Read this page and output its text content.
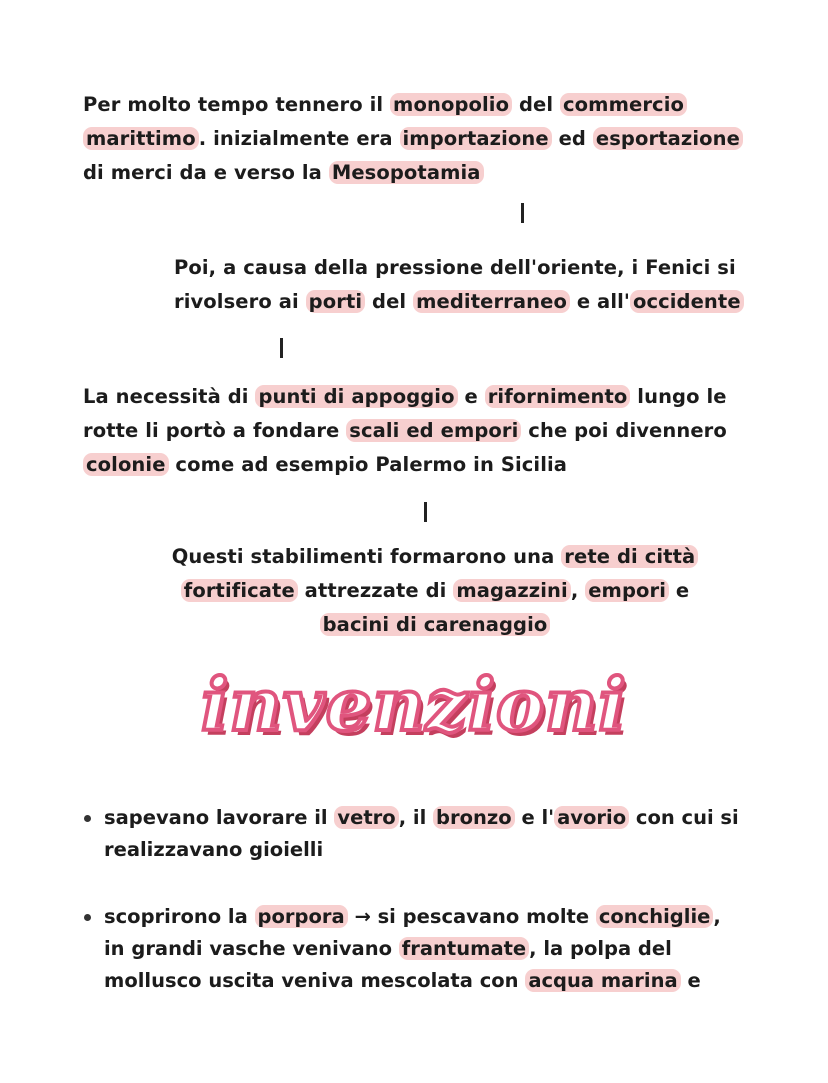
Per molto tempo tennero il monopolio del commercio
marittimo . inizialmente era importazione ed esportazione
di merci da e verso la Mesopotamia
Poi, a causa della pressione dell'oriente, i Fenici si
rivolsero ai porti del mediterraneo e all' occidente
La necessità di punti di appoggio e rifornimento lungo le
rotte li portò a fondare scali ed empori che poi divennero
colonie come ad esempio Palermo in Sicilia
Questi stabilimenti formarono una rete di città
fortificate attrezzate di magazzini , empori e
bacini di carenaggio
invenzioni
sapevano lavorare il vetro , il bronzo e l' avorio con cui si
realizzavano gioielli
scoprirono la porpora → si pescavano molte conchiglie ,
in grandi vasche venivano frantumate , la polpa del
mollusco uscita veniva mescolata con acqua marina e
